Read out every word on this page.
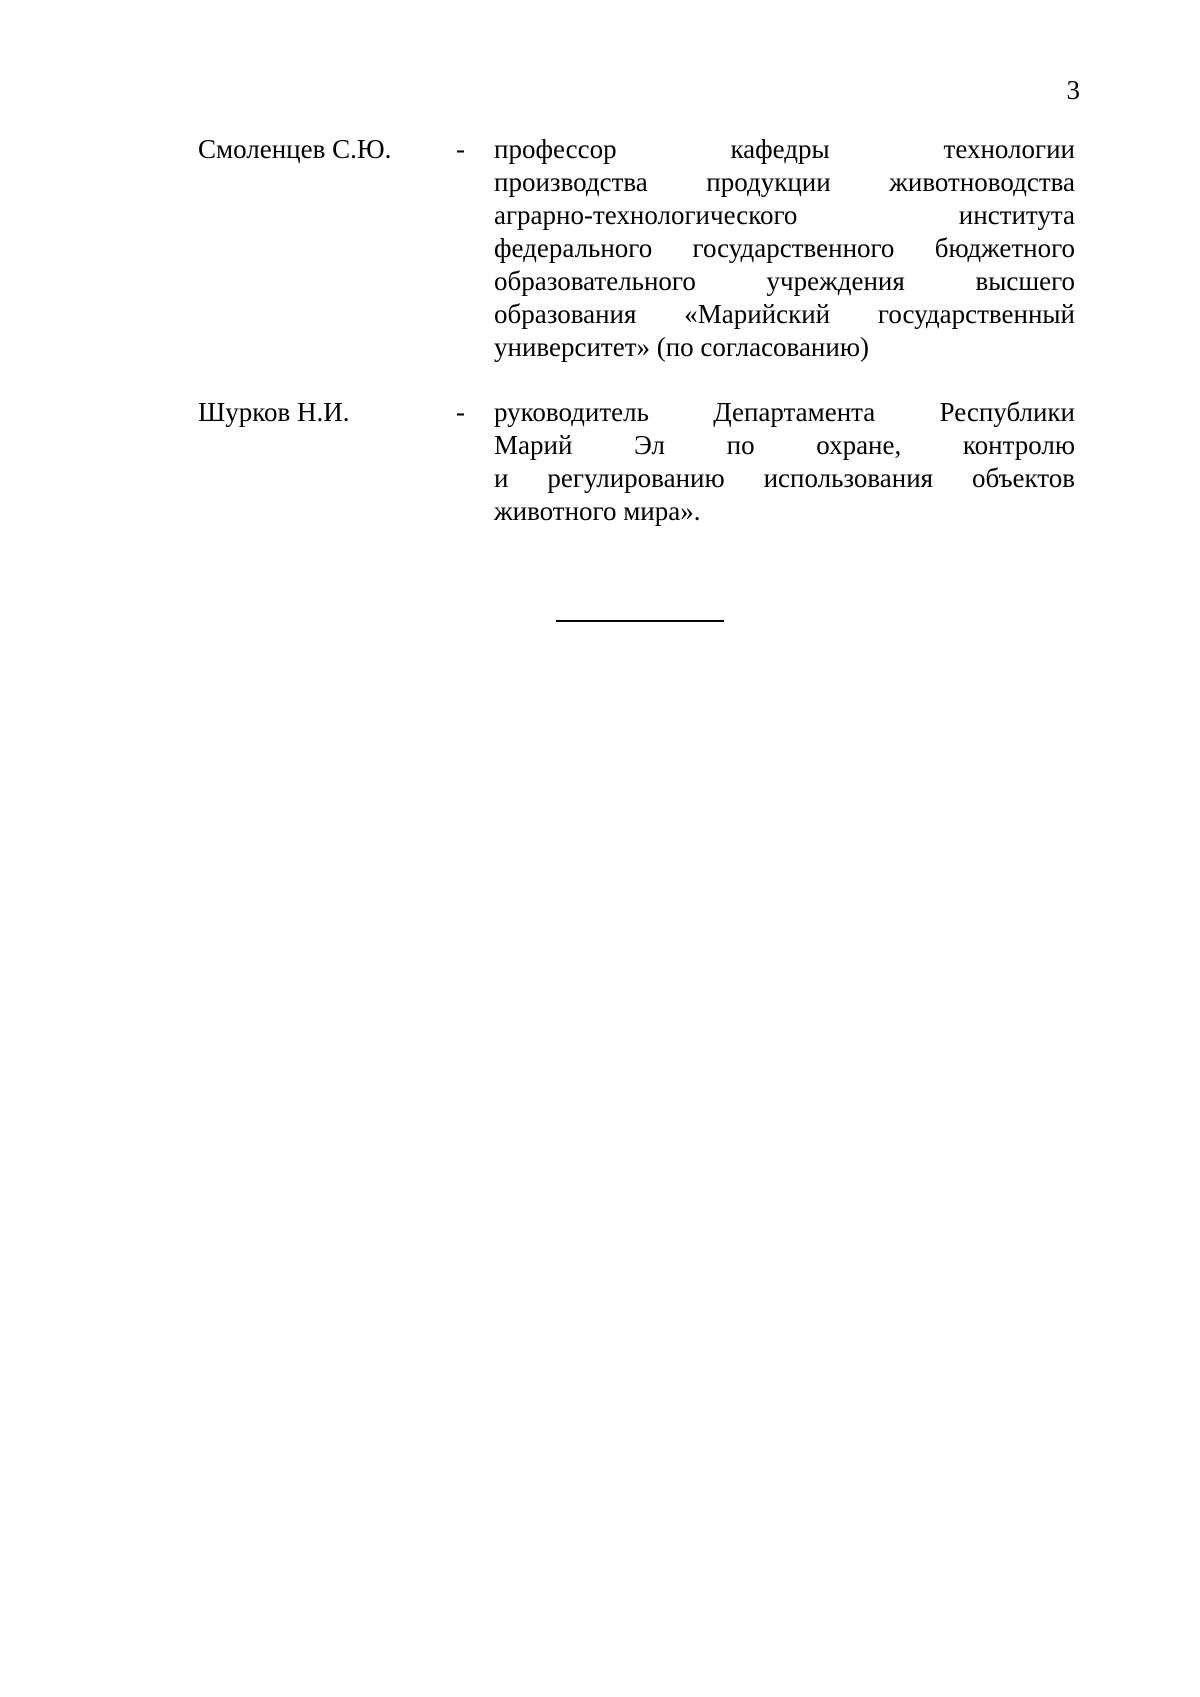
3
Смоленцев С.Ю. - профессор кафедры технологии
производства продукции животноводства
аграрно-технологического института
федерального государственного бюджетного
образовательного учреждения высшего
образования «Марийский государственный
университет» (по согласованию)
Шурков Н.И.	- руководитель Департамента Республики
Марий Эл по охране, контролю
и регулированию использования объектов
животного мира».
